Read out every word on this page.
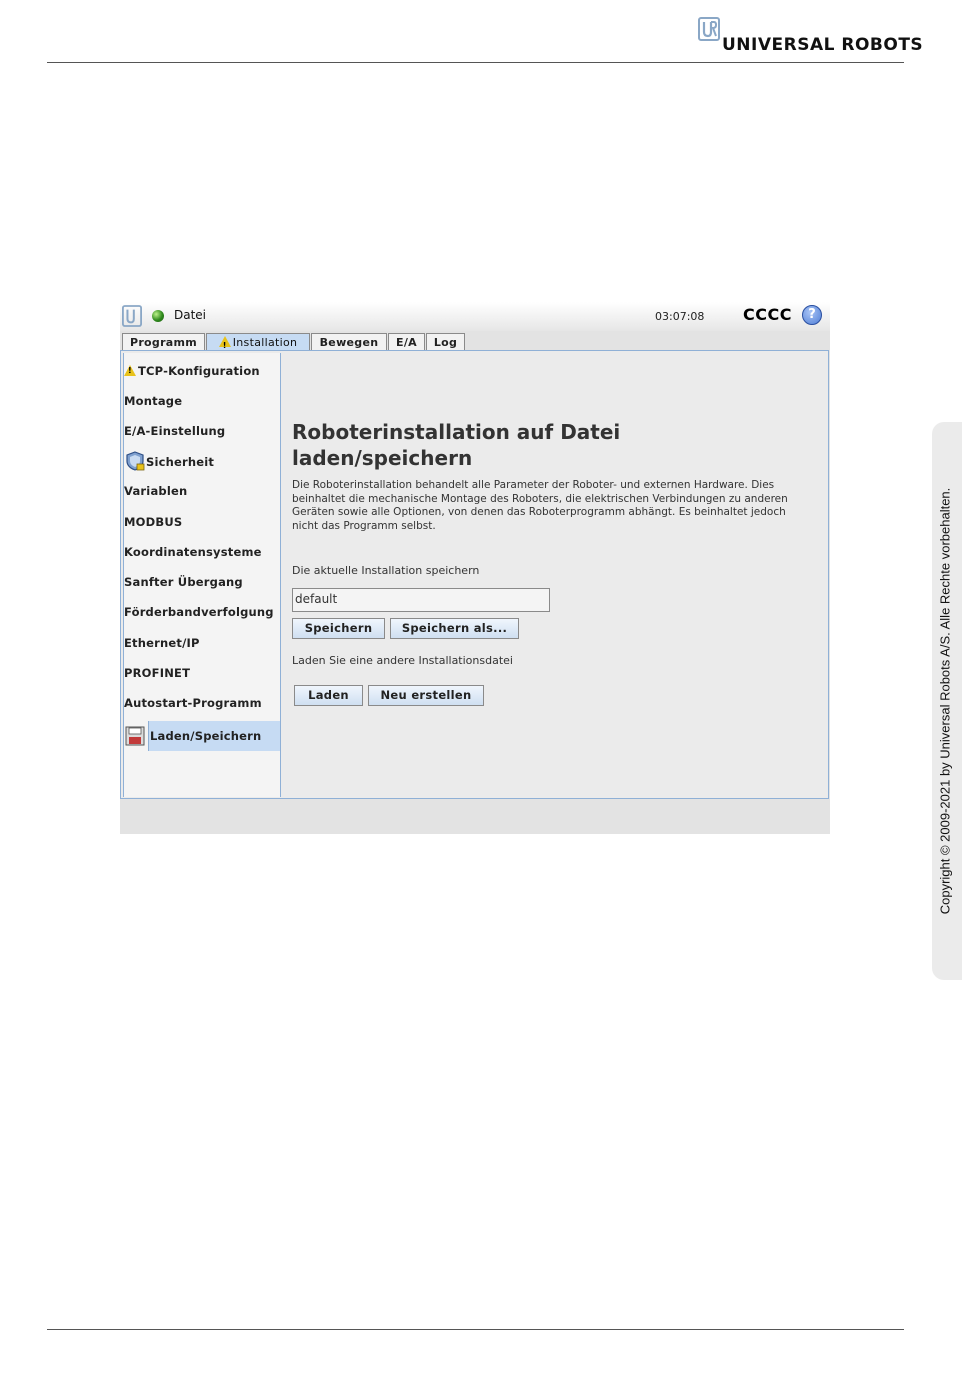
UNIVERSAL ROBOTS
Copyright © 2009-2021 by Universal Robots A/S. Alle Rechte vorbehalten.
Datei	03:07:08 CCCC	?
Programm
!	Installation	Bewegen	E/A	Log
!TCP-Konfiguration
Montage
E/A-Einstellung
Sicherheit
Variablen
MODBUS
Koordinatensysteme
Sanfter Übergang
Förderbandverfolgung
Ethernet/IP
PROFINET
Autostart-Programm
Laden/Speichern
Roboterinstallation auf Datei
laden/speichern
Die Roboterinstallation behandelt alle Parameter der Roboter- und externen Hardware. Dies beinhaltet die mechanische Montage des Roboters, die elektrischen Verbindungen zu anderen Geräten sowie alle Optionen, von denen das Roboterprogramm abhängt. Es beinhaltet jedoch nicht das Programm selbst.
Die aktuelle Installation speichern
default
Speichern	Speichern als...
Laden Sie eine andere Installationsdatei
Laden	Neu erstellen
